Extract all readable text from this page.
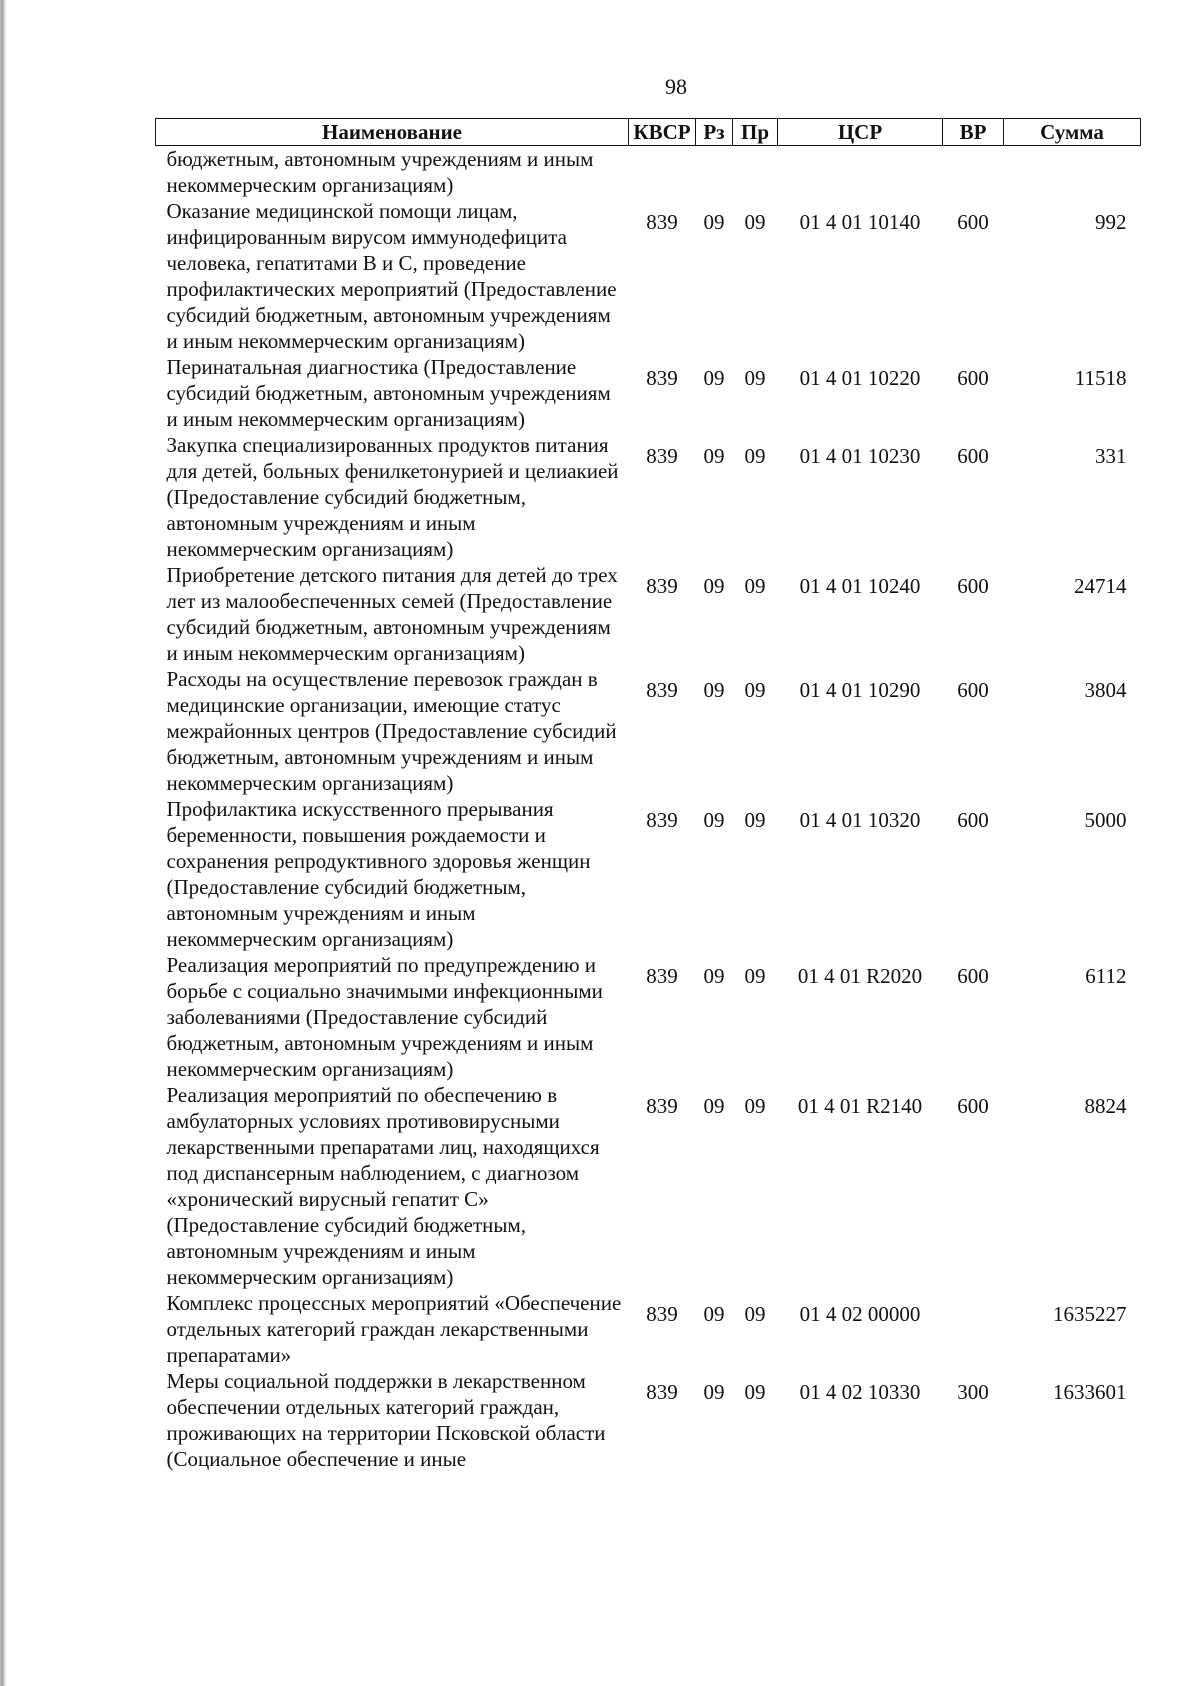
98
Наименование	КВСР	Рз	Пр	ЦСР	ВР	Сумма
бюджетным, автономным учреждениям и иным некоммерческим организациям)						
Оказание медицинской помощи лицам, инфицированным вирусом иммунодефицита человека, гепатитами В и С, проведение профилактических мероприятий (Предоставление субсидий бюджетным, автономным учреждениям и иным некоммерческим организациям)	839	09	09	01 4 01 10140	600	992
Перинатальная диагностика (Предоставление субсидий бюджетным, автономным учреждениям и иным некоммерческим организациям)	839	09	09	01 4 01 10220	600	11518
Закупка специализированных продуктов питания для детей, больных фенилкетонурией и целиакией (Предоставление субсидий бюджетным, автономным учреждениям и иным некоммерческим организациям)	839	09	09	01 4 01 10230	600	331
Приобретение детского питания для детей до трех лет из малообеспеченных семей (Предоставление субсидий бюджетным, автономным учреждениям и иным некоммерческим организациям)	839	09	09	01 4 01 10240	600	24714
Расходы на осуществление перевозок граждан в медицинские организации, имеющие статус межрайонных центров (Предоставление субсидий бюджетным, автономным учреждениям и иным некоммерческим организациям)	839	09	09	01 4 01 10290	600	3804
Профилактика искусственного прерывания беременности, повышения рождаемости и сохранения репродуктивного здоровья женщин (Предоставление субсидий бюджетным, автономным учреждениям и иным некоммерческим организациям)	839	09	09	01 4 01 10320	600	5000
Реализация мероприятий по предупреждению и борьбе с социально значимыми инфекционными заболеваниями (Предоставление субсидий бюджетным, автономным учреждениям и иным некоммерческим организациям)	839	09	09	01 4 01 R2020	600	6112
Реализация мероприятий по обеспечению в амбулаторных условиях противовирусными лекарственными препаратами лиц, находящихся под диспансерным наблюдением, с диагнозом «хронический вирусный гепатит С» (Предоставление субсидий бюджетным, автономным учреждениям и иным некоммерческим организациям)	839	09	09	01 4 01 R2140	600	8824
Комплекс процессных мероприятий «Обеспечение отдельных категорий граждан лекарственными препаратами»	839	09	09	01 4 02 00000		1635227
Меры социальной поддержки в лекарственном обеспечении отдельных категорий граждан, проживающих на территории Псковской области (Социальное обеспечение и иные	839	09	09	01 4 02 10330	300	1633601
